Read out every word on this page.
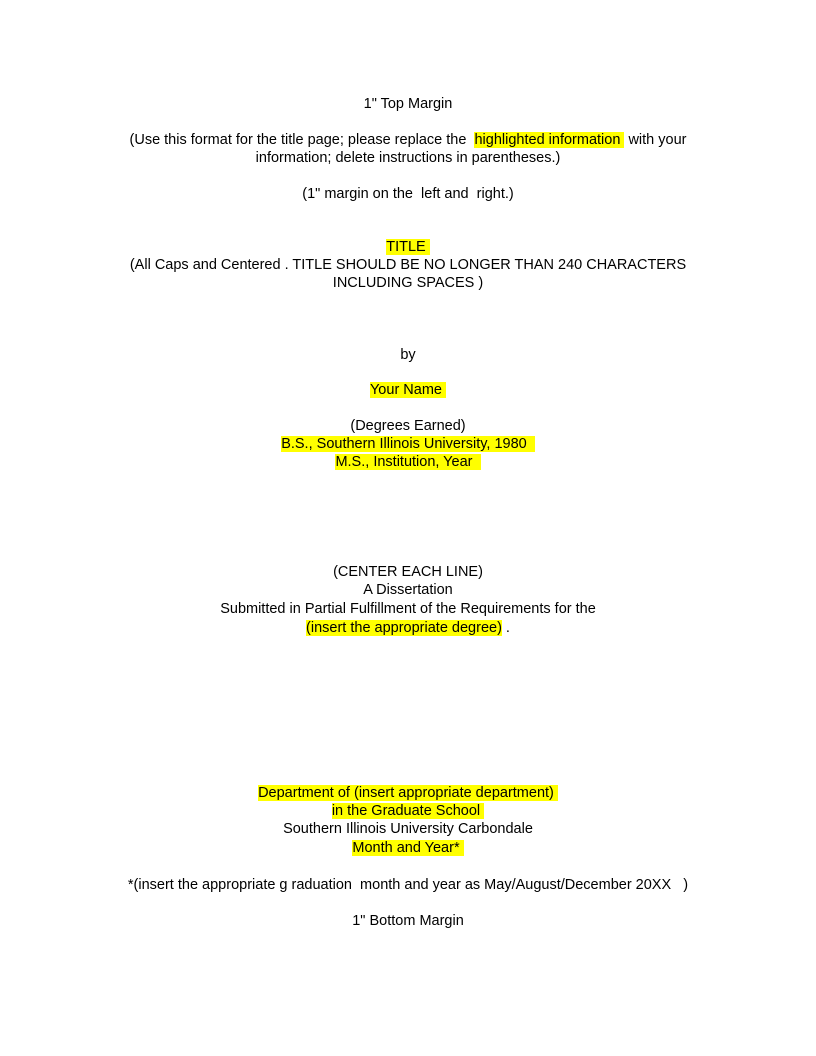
1" Top Margin
(Use this format for the title page; please replace the  highlighted information  with your
information; delete instructions in parentheses.)
(1" margin on the  left and  right.)
TITLE
(All Caps and Centered . TITLE SHOULD BE NO LONGER THAN 240 CHARACTERS
INCLUDING SPACES )
by
Your Name
(Degrees Earned)
B.S., Southern Illinois University, 1980
M.S., Institution, Year
(CENTER EACH LINE)
A Dissertation
Submitted in Partial Fulfillment of the Requirements for the
(insert the appropriate degree) .
Department of (insert appropriate department)
in the Graduate School
Southern Illinois University Carbondale
Month and Year*
*(insert the appropriate g raduation  month and year as May/August/December 20XX   )
1" Bottom Margin
